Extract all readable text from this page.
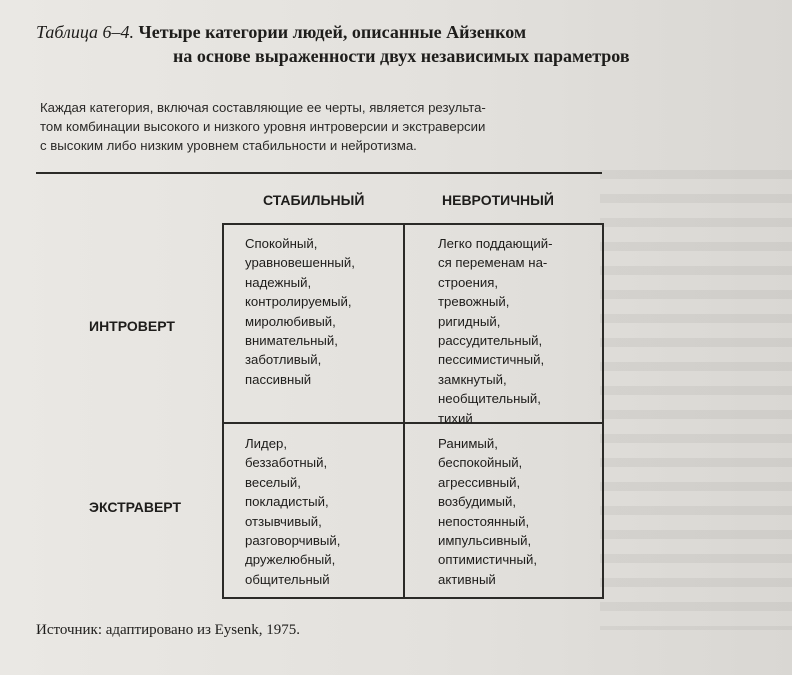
Таблица 6–4. Четыре категории людей, описанные Айзенком
на основе выраженности двух независимых параметров
Каждая категория, включая составляющие ее черты, является результа-
том комбинации высокого и низкого уровня интроверсии и экстраверсии
с высоким либо низким уровнем стабильности и нейротизма.
СТАБИЛЬНЫЙ	НЕВРОТИЧНЫЙ
ИНТРОВЕРТ
ЭКСТРАВЕРТ
Спокойный,
уравновешенный,
надежный,
контролируемый,
миролюбивый,
внимательный,
заботливый,
пассивный
Легко поддающий-
ся переменам на-
строения,
тревожный,
ригидный,
рассудительный,
пессимистичный,
замкнутый,
необщительный,
тихий
Лидер,
беззаботный,
веселый,
покладистый,
отзывчивый,
разговорчивый,
дружелюбный,
общительный
Ранимый,
беспокойный,
агрессивный,
возбудимый,
непостоянный,
импульсивный,
оптимистичный,
активный
Источник: адаптировано из Eysenk, 1975.
